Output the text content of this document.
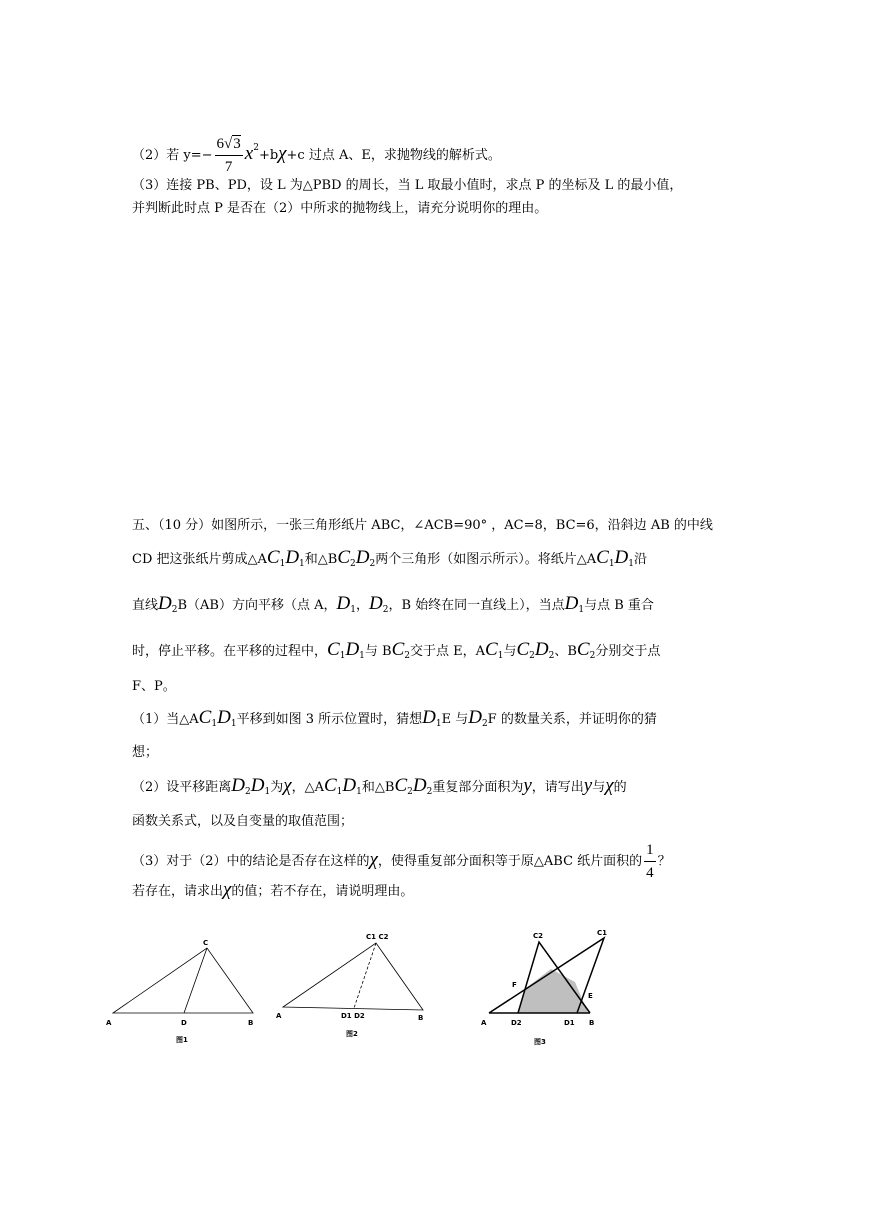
（2）若 $y=- \frac{6√3}{7} x^2+b\chi+c$ 过点 A、E，求抛物线的解析式。
（3）连接 PB、PD，设 L 为△PBD 的周长，当 L 取最小值时，求点 P 的坐标及 L 的最小值，
并判断此时点 P 是否在（2）中所求的抛物线上，请充分说明你的理由。
五、（10 分）如图所示，一张三角形纸片 ABC，∠ACB=90° ，AC=8，BC=6，沿斜边 AB 的中线
CD 把这张纸片剪成$\triangle AC_1D_1$和$\triangle BC_2D_2$两个三角形（如图示所示）。将纸片$\triangle AC_1D_1$沿
直线$D_2B(AB)$方向平移（点 A，$D_1$，$D_2$，B 始终在同一直线上），当点$D_1$与点 B 重合
时，停止平移。在平移的过程中，$C_1D_1$与 $BC_2$交于点 E，$AC_1$与$C_2D_2$、$BC_2$分别交于点
F、P。
（1）当$\triangle AC_1D_1$平移到如图 3 所示位置时，猜想$D_1E$ 与$D_2F$ 的数量关系，并证明你的猜
想；
（2）设平移距离$D_2D_1$为χ，$\triangle AC_1D_1$和$\triangle BC_2D_2$重复部分面积为y，请写出y与χ的
函数关系式，以及自变量的取值范围；
（3）对于（2）中的结论是否存在这样的χ，使得重复部分面积等于原△ABC 纸片面积的 $\frac{1}{4}$ ？
若存在，请求出χ的值；若不存在，请说明理由。
C
A	D	B
图1
C1 C2
A	D1 D2	B
图2
C2	C1
F
E
A	D2	D1 B
图3
